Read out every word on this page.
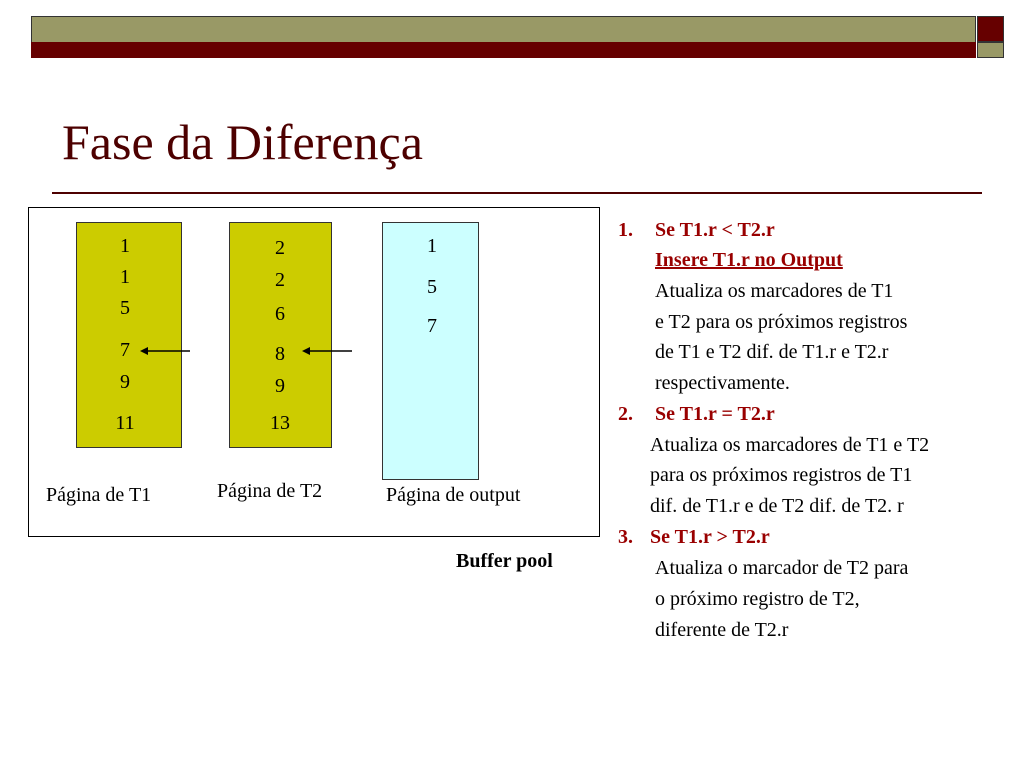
Fase da Diferença
1
1
5
7
9
11
2
2
6
8
9
13
1
5
7
Página de T1	Página de T2	Página de output
Buffer pool
1. Se T1.r < T2.r
Insere T1.r no Output
Atualiza os marcadores de T1
e T2 para os próximos registros
de T1 e T2 dif. de T1.r e T2.r
respectivamente.
2. Se T1.r = T2.r
Atualiza os marcadores de T1 e T2
para os próximos registros de T1
dif. de T1.r e de T2 dif. de T2. r
3. Se T1.r > T2.r
Atualiza o marcador de T2 para
o próximo registro de T2,
diferente de T2.r
